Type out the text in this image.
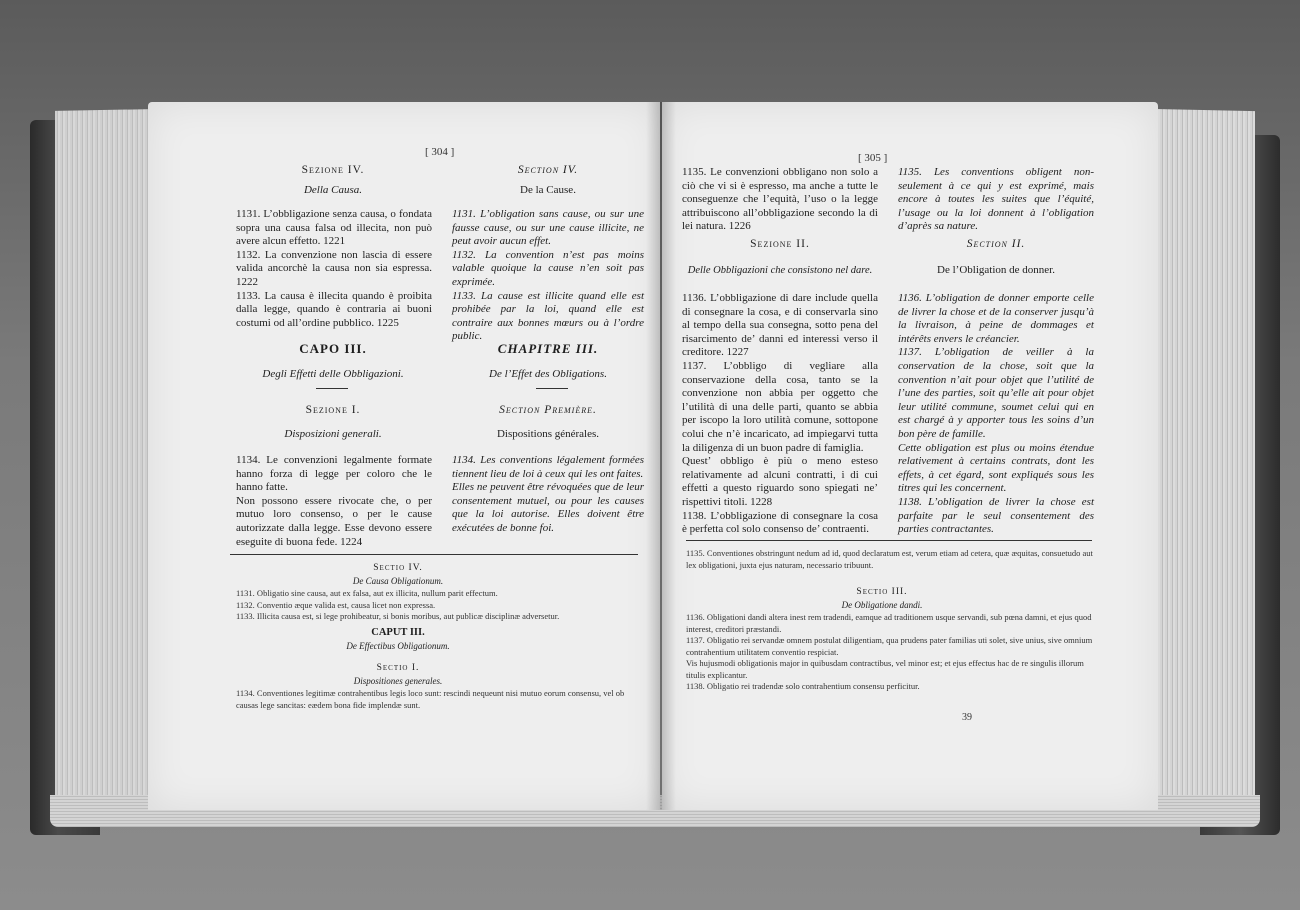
[ 304 ]
Sezione IV.
Della Causa.

1131. L’obbligazione senza causa, o fondata sopra una causa falsa od illecita, non può avere alcun effetto. 1221

1132. La convenzione non lascia di essere valida ancorchè la causa non sia espressa. 1222

1133. La causa è illecita quando è proibita dalla legge, quando è contraria ai buoni costumi od all’ordine pubblico. 1225

CAPO III.
Degli Effetti delle Obbligazioni.
Sezione I.
Disposizioni generali.

1134. Le convenzioni legalmente formate hanno forza di legge per coloro che le hanno fatte.

Non possono essere rivocate che, o per mutuo loro consenso, o per le cause autorizzate dalla legge. Esse devono essere eseguite di buona fede. 1224

Section IV.
De la Cause.

1131. L’obligation sans cause, ou sur une fausse cause, ou sur une cause illicite, ne peut avoir aucun effet.

1132. La convention n’est pas moins valable quoique la cause n’en soit pas exprimée.

1133. La cause est illicite quand elle est prohibée par la loi, quand elle est contraire aux bonnes mœurs ou à l’ordre public.

CHAPITRE III.
De l’Effet des Obligations.
Section Première.
Dispositions générales.

1134. Les conventions légalement formées tiennent lieu de loi à ceux qui les ont faites.

Elles ne peuvent être révoquées que de leur consentement mutuel, ou pour les causes que la loi autorise. Elles doivent être exécutées de bonne foi.

Sectio IV.
De Causa Obligationum.

1131. Obligatio sine causa, aut ex falsa, aut ex illicita, nullum parit effectum.

1132. Conventio æque valida est, causa licet non expressa.

1133. Illicita causa est, si lege prohibeatur, si bonis moribus, aut publicæ disciplinæ adversetur.

CAPUT III.
De Effectibus Obligationum.
Sectio I.
Dispositiones generales.

1134. Conventiones legitimæ contrahentibus legis loco sunt: rescindi nequeunt nisi mutuo eorum consensu, vel ob causas lege sancitas: eædem bona fide implendæ sunt.

[ 305 ]

1135. Le convenzioni obbligano non solo a ciò che vi si è espresso, ma anche a tutte le conseguenze che l’equità, l’uso o la legge attribuiscono all’obbligazione secondo la di lei natura. 1226

Sezione II.
Delle Obbligazioni che consistono nel dare.

1136. L’obbligazione di dare include quella di consegnare la cosa, e di conservarla sino al tempo della sua consegna, sotto pena del risarcimento de’ danni ed interessi verso il creditore. 1227

1137. L’obbligo di vegliare alla conservazione della cosa, tanto se la convenzione non abbia per oggetto che l’utilità di una delle parti, quanto se abbia per iscopo la loro utilità comune, sottopone colui che n’è incaricato, ad impiegarvi tutta la diligenza di un buon padre di famiglia.

Quest’ obbligo è più o meno esteso relativamente ad alcuni contratti, i di cui effetti a questo riguardo sono spiegati ne’ rispettivi titoli. 1228

1138. L’obbligazione di consegnare la cosa è perfetta col solo consenso de’ contraenti.

1135. Les conventions obligent non-seulement à ce qui y est exprimé, mais encore à toutes les suites que l’équité, l’usage ou la loi donnent à l’obligation d’après sa nature.

Section II.
De l’Obligation de donner.

1136. L’obligation de donner emporte celle de livrer la chose et de la conserver jusqu’à la livraison, à peine de dommages et intérêts envers le créancier.

1137. L’obligation de veiller à la conservation de la chose, soit que la convention n’ait pour objet que l’utilité de l’une des parties, soit qu’elle ait pour objet leur utilité commune, soumet celui qui en est chargé à y apporter tous les soins d’un bon père de famille.

Cette obligation est plus ou moins étendue relativement à certains contrats, dont les effets, à cet égard, sont expliqués sous les titres qui les concernent.

1138. L’obligation de livrer la chose est parfaite par le seul consentement des parties contractantes.

1135. Conventiones obstringunt nedum ad id, quod declaratum est, verum etiam ad cetera, quæ æquitas, consuetudo aut lex obligationi, juxta ejus naturam, necessario tribuunt.

Sectio III.
De Obligatione dandi.

1136. Obligationi dandi altera inest rem tradendi, eamque ad traditionem usque servandi, sub pœna damni, et ejus quod interest, creditori præstandi.

1137. Obligatio rei servandæ omnem postulat diligentiam, qua prudens pater familias uti solet, sive unius, sive omnium contrahentium utilitatem conventio respiciat.

Vis hujusmodi obligationis major in quibusdam contractibus, vel minor est; et ejus effectus hac de re singulis illorum titulis explicantur.

1138. Obligatio rei tradendæ solo contrahentium consensu perficitur.

39
